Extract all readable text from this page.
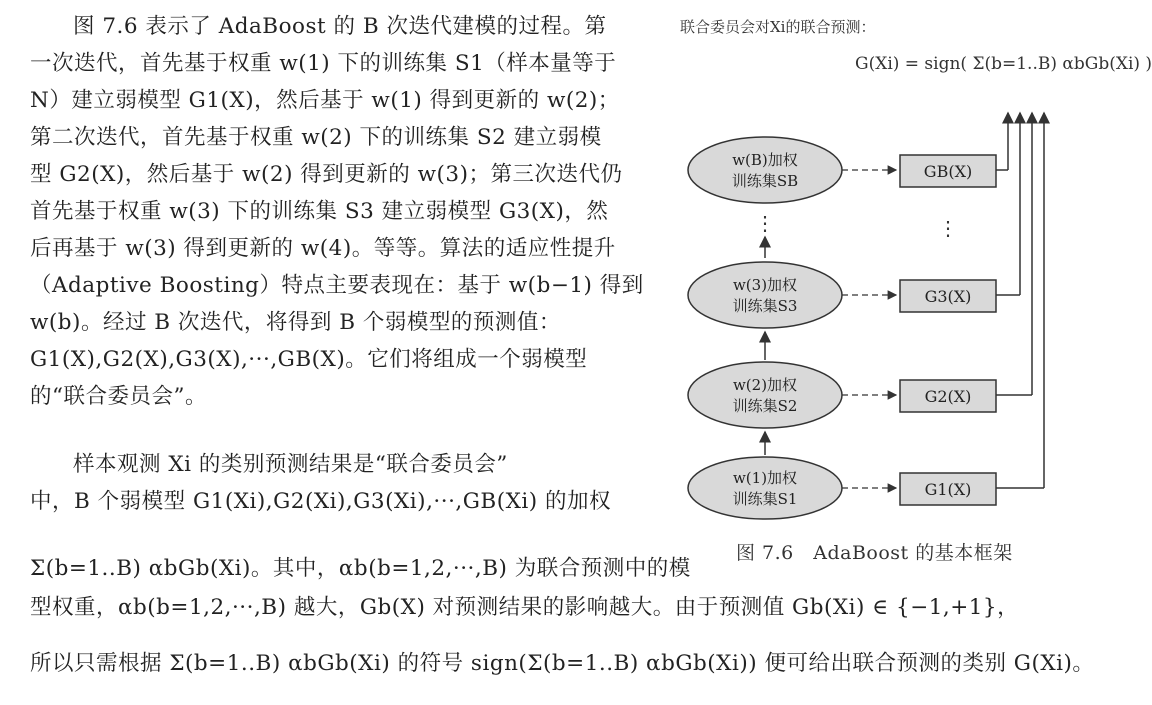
图 7.6 表示了 AdaBoost 的 B 次迭代建模的过程。第
一次迭代，首先基于权重 w(1) 下的训练集 S1（样本量等于
N）建立弱模型 G1(X)，然后基于 w(1) 得到更新的 w(2)；
第二次迭代，首先基于权重 w(2) 下的训练集 S2 建立弱模
型 G2(X)，然后基于 w(2) 得到更新的 w(3)；第三次迭代仍
首先基于权重 w(3) 下的训练集 S3 建立弱模型 G3(X)，然
后再基于 w(3) 得到更新的 w(4)。等等。算法的适应性提升
（Adaptive Boosting）特点主要表现在：基于 w(b−1) 得到
w(b)。经过 B 次迭代，将得到 B 个弱模型的预测值：
G1(X),G2(X),G3(X),···,GB(X)。它们将组成一个弱模型
的“联合委员会”。
样本观测 Xi 的类别预测结果是“联合委员会”
中，B 个弱模型 G1(Xi),G2(Xi),G3(Xi),···,GB(Xi) 的加权
Σ(b=1..B) αbGb(Xi)。其中，αb(b=1,2,···,B) 为联合预测中的模
型权重，αb(b=1,2,···,B) 越大，Gb(X) 对预测结果的影响越大。由于预测值 Gb(Xi) ∈ {−1,+1}，
所以只需根据 Σ(b=1..B) αbGb(Xi) 的符号 sign(Σ(b=1..B) αbGb(Xi)) 便可给出联合预测的类别 G(Xi)。
联合委员会对Xi的联合预测：
G(Xi) = sign( Σ(b=1..B) αbGb(Xi) )
w(B)加权
训练集SB	GB(X)
⋮	⋮
w(3)加权
训练集S3	G3(X)
w(2)加权
训练集S2	G2(X)
w(1)加权
训练集S1	G1(X)
图 7.6　AdaBoost 的基本框架
